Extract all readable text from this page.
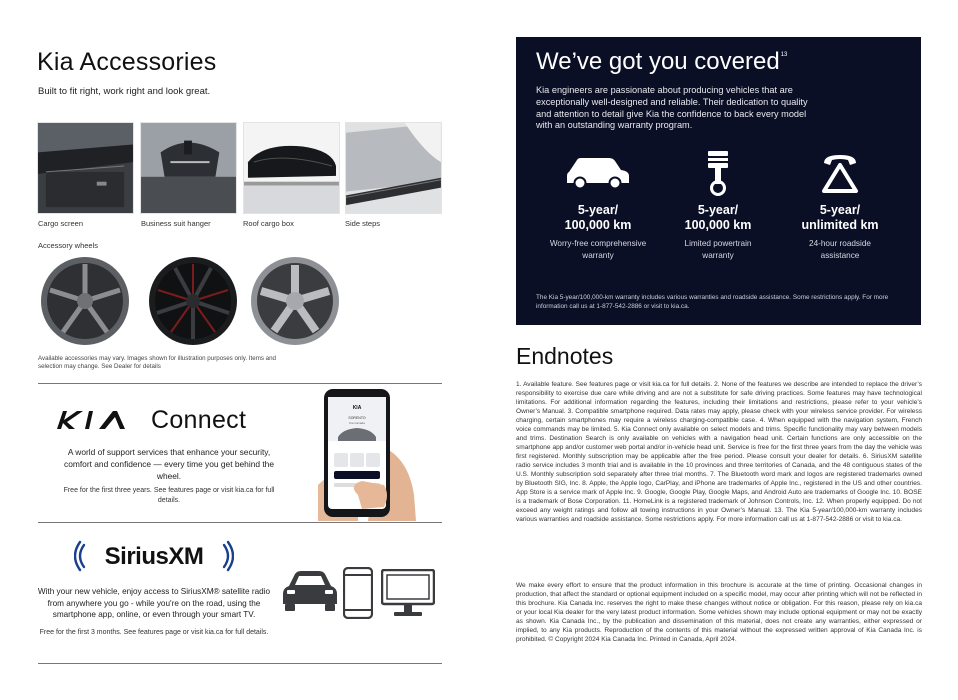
Kia Accessories
Built to fit right, work right and look great.
Cargo screen	Business suit hanger	Roof cargo box	Side steps
Accessory wheels
Available accessories may vary. Images shown for illustration purposes only. Items and selection may change. See Dealer for details
Connect
A world of support services that enhance your security, comfort and confidence — every time you get behind the wheel.
Free for the first three years. See features page or visit kia.ca for full details.
KIA
SORENTO
Kia Canada
SiriusXM
With your new vehicle, enjoy access to SiriusXM® satellite radio from anywhere you go - while you're on the road, using the smartphone app, online, or even through your smart TV.
Free for the first 3 months. See features page or visit kia.ca for full details.
We’ve got you covered$^{13}$
Kia engineers are passionate about producing vehicles that are exceptionally well-designed and reliable. Their dedication to quality and attention to detail give Kia the confidence to back every model with an outstanding warranty program.
5-year/
100,000 km
Worry-free comprehensive
warranty
5-year/
100,000 km
Limited powertrain
warranty
5-year/
unlimited km
24-hour roadside
assistance
The Kia 5-year/100,000-km warranty includes various warranties and roadside assistance. Some restrictions apply. For more information call us at 1-877-542-2886 or visit to kia.ca.
Endnotes
1. Available feature. See features page or visit kia.ca for full details. 2. None of the features we describe are intended to replace the driver’s responsibility to exercise due care while driving and are not a substitute for safe driving practices. Some features may have technological limitations. For additional information regarding the features, including their limitations and restrictions, please refer to your vehicle’s Owner’s Manual. 3. Compatible smartphone required. Data rates may apply, please check with your wireless service provider. For wireless charging, certain smartphones may require a wireless charging-compatible case. 4. When equipped with the navigation system, French voice commands may be limited. 5. Kia Connect only available on select models and trims. Specific functionality may vary between models and trims. Destination Search is only available on vehicles with a navigation head unit. Certain functions are only accessible on the smartphone app and/or customer web portal and/or in-vehicle head unit. Service is free for the first three years from the day the vehicle was first registered. Monthly subscription may be applicable after the free period. Please consult your dealer for details. 6. SiriusXM satellite radio service includes 3 month trial and is available in the 10 provinces and three territories of Canada, and the 48 contiguous states of the U.S. Monthly subscription sold separately after three trial months. 7. The Bluetooth word mark and logos are registered trademarks owned by Bluetooth SIG, Inc. 8. Apple, the Apple logo, CarPlay, and iPhone are trademarks of Apple Inc., registered in the US and other countries. App Store is a service mark of Apple Inc. 9. Google, Google Play, Google Maps, and Android Auto are trademarks of Google Inc. 10. BOSE is a trademark of Bose Corporation. 11. HomeLink is a registered trademark of Johnson Controls, Inc. 12. When properly equipped. Do not exceed any weight ratings and follow all towing instructions in your Owner’s Manual. 13. The Kia 5-year/100,000-km warranty includes various warranties and roadside assistance. Some restrictions apply. For more information call us at 1-877-542-2886 or visit to kia.ca.
We make every effort to ensure that the product information in this brochure is accurate at the time of printing. Occasional changes in production, that affect the standard or optional equipment included on a specific model, may occur after printing which will not be reflected in this brochure. Kia Canada Inc. reserves the right to make these changes without notice or obligation. For this reason, please rely on kia.ca or your local Kia dealer for the very latest product information. Some vehicles shown may include optional equipment or may not be exactly as shown. Kia Canada Inc., by the publication and dissemination of this material, does not create any warranties, either expressed or implied, to any Kia products. Reproduction of the contents of this material without the expressed written approval of Kia Canada Inc. is prohibited. © Copyright 2024 Kia Canada Inc. Printed in Canada, April 2024.
